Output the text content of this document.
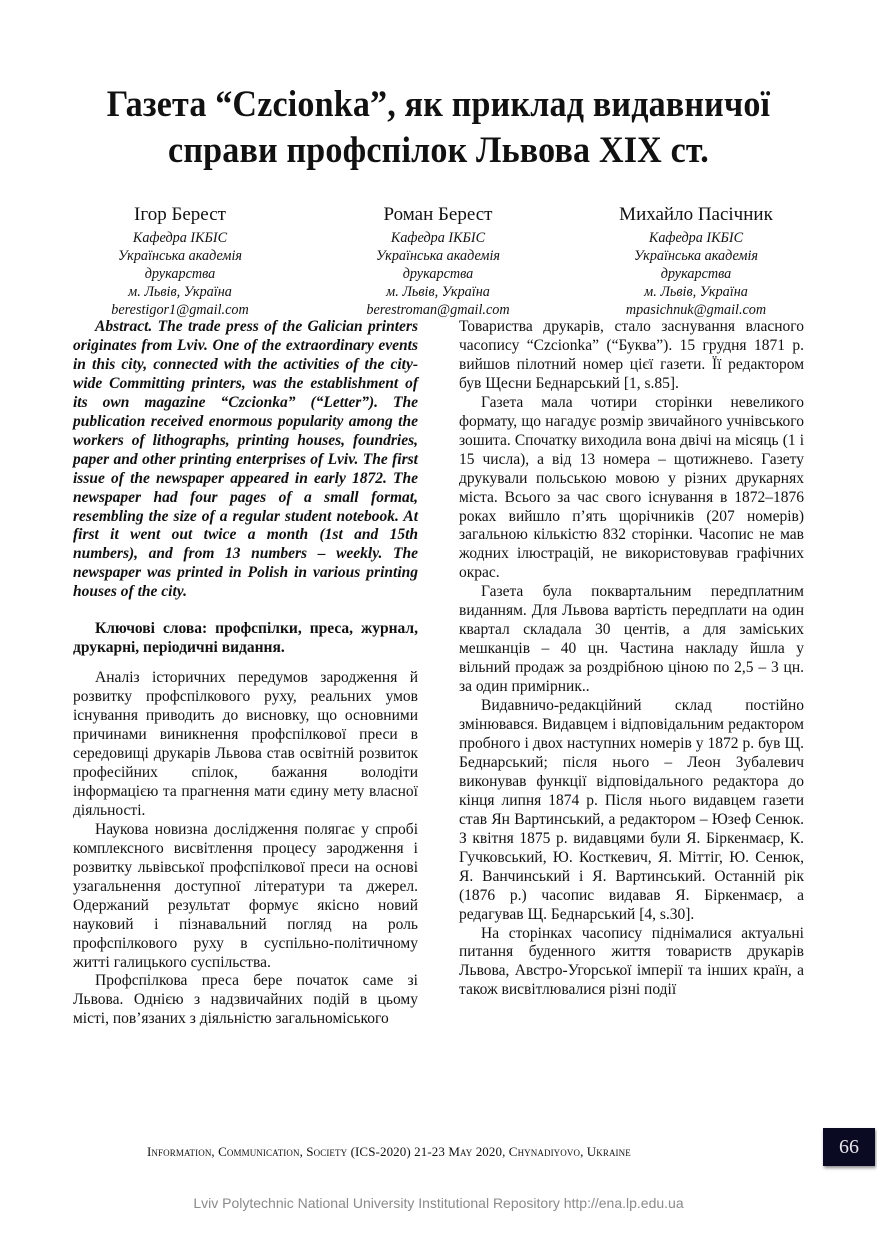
Газета “Czcionka”, як приклад видавничої
справи профспілок Львова XIX ст.
Ігор Берест
Кафедра ІКБІС
Українська академія
друкарства
м. Львів, Україна
berestigor1@gmail.com
Роман Берест
Кафедра ІКБІС
Українська академія
друкарства
м. Львів, Україна
berestroman@gmail.com
Михайло Пасічник
Кафедра ІКБІС
Українська академія
друкарства
м. Львів, Україна
mpasichnuk@gmail.com

Abstract. The trade press of the Galician printers originates from Lviv. One of the extraordinary events in this city, connected with the activities of the city-wide Committing printers, was the establishment of its own magazine “Czcionka” (“Letter”). The publication received enormous popularity among the workers of lithographs, printing houses, foundries, paper and other printing enterprises of Lviv. The first issue of the newspaper appeared in early 1872. The newspaper had four pages of a small format, resembling the size of a regular student notebook. At first it went out twice a month (1st and 15th numbers), and from 13 numbers – weekly. The newspaper was printed in Polish in various printing houses of the city.

Ключові слова: профспілки, преса, журнал, друкарні, періодичні видання.

Аналіз історичних передумов зародження й розвитку профспілкового руху, реальних умов існування приводить до висновку, що основними причинами виникнення профспілкової преси в середовищі друкарів Львова став освітній розвиток професійних спілок, бажання володіти інформацією та прагнення мати єдину мету власної діяльності.

Наукова новизна дослідження полягає у спробі комплексного висвітлення процесу зародження і розвитку львівської профспілкової преси на основі узагальнення доступної літератури та джерел. Одержаний результат формує якісно новий науковий і пізнавальний погляд на роль профспілкового руху в суспільно-політичному житті галицького суспільства.

Профспілкова преса бере початок саме зі Львова. Однією з надзвичайних подій в цьому місті, пов’язаних з діяльністю загальноміського

Товариства друкарів, стало заснування власного часопису “Czcionka” (“Буква”). 15 грудня 1871 р. вийшов пілотний номер цієї газети. Її редактором був Щесни Беднарський [1, s.85].

Газета мала чотири сторінки невеликого формату, що нагадує розмір звичайного учнівського зошита. Спочатку виходила вона двічі на місяць (1 і 15 числа), а від 13 номера – щотижнево. Газету друкували польською мовою у різних друкарнях міста. Всього за час свого існування в 1872–1876 роках вийшло п’ять щорічників (207 номерів) загальною кількістю 832 сторінки. Часопис не мав жодних ілюстрацій, не використовував графічних окрас.

Газета була поквартальним передплатним виданням. Для Львова вартість передплати на один квартал складала 30 центів, а для заміських мешканців – 40 цн. Частина накладу йшла у вільний продаж за роздрібною ціною по 2,5 – 3 цн. за один примірник..

Видавничо-редакційний склад постійно змінювався. Видавцем і відповідальним редактором пробного і двох наступних номерів у 1872 р. був Щ. Беднарський; після нього – Леон Зубалевич виконував функції відповідального редактора до кінця липня 1874 р. Після нього видавцем газети став Ян Вартинський, а редактором – Юзеф Сенюк. З квітня 1875 р. видавцями були Я. Біркенмаєр, К. Гучковський, Ю. Косткевич, Я. Міттіг, Ю. Сенюк, Я. Ванчинський і Я. Вартинський. Останній рік (1876 р.) часопис видавав Я. Біркенмаєр, а редагував Щ. Беднарський [4, s.30].

На сторінках часопису піднімалися актуальні питання буденного життя товариств друкарів Львова, Австро-Угорської імперії та інших країн, а також висвітлювалися різні події

Information, Communication, Society (ICS-2020) 21-23 May 2020, Chynadiyovo, Ukraine	66
Lviv Polytechnic National University Institutional Repository http://ena.lp.edu.ua
